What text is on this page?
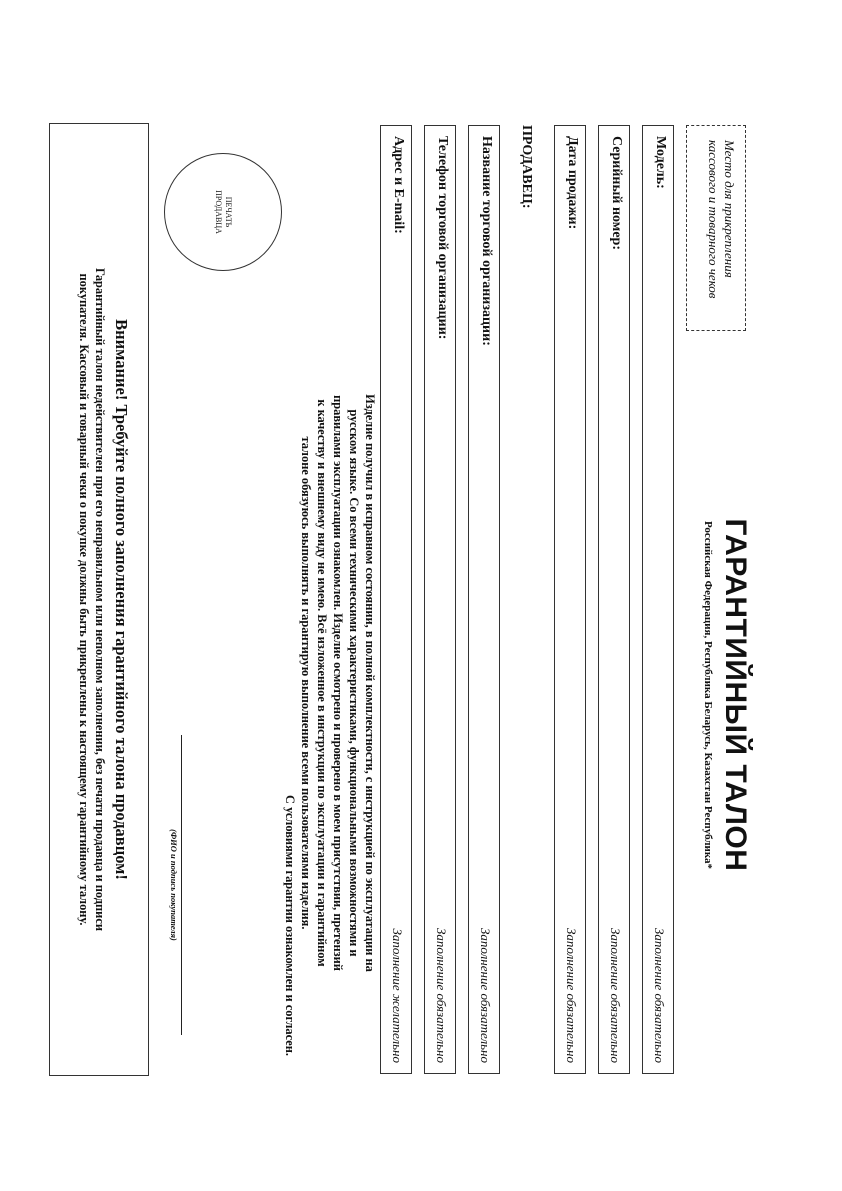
Место для прикрепления
кассового и товарного чеков
ГАРАНТИЙНЫЙ ТАЛОН
Российская Федерация, Республика Беларусь, Казахстан Республика*
Модель:
Заполнение обязательно
Серийный номер:
Заполнение обязательно
Дата продажи:
Заполнение обязательно
ПРОДАВЕЦ:
Название торговой организации:
Заполнение обязательно
Телефон торговой организации:
Заполнение обязательно
Адрес и E-mail:
Заполнение желательно
Изделие получил в исправном состоянии, в полной комплектности, с инструкцией по эксплуатации на
русском языке. Со всеми техническими характеристиками, функциональными возможностями и
правилами эксплуатации ознакомлен. Изделие осмотрено и проверено в моем присутствии, претензий
к качеству и внешнему виду не имею. Всё изложенное в инструкции по эксплуатации и гарантийном
талоне обязуюсь выполнять и гарантирую выполнение всеми пользователями изделия.
С условиями гарантии ознакомлен и согласен.
ПЕЧАТЬ
ПРОДАВЦА
(ФИО и подпись покупателя)
Внимание! Требуйте полного заполнения гарантийного талона продавцом!
Гарантийный талон недействителен при его неправильном или неполном заполнении, без печати продавца и подписи
покупателя. Кассовый и товарный чеки о покупке должны быть прикреплены к настоящему гарантийному талону.
